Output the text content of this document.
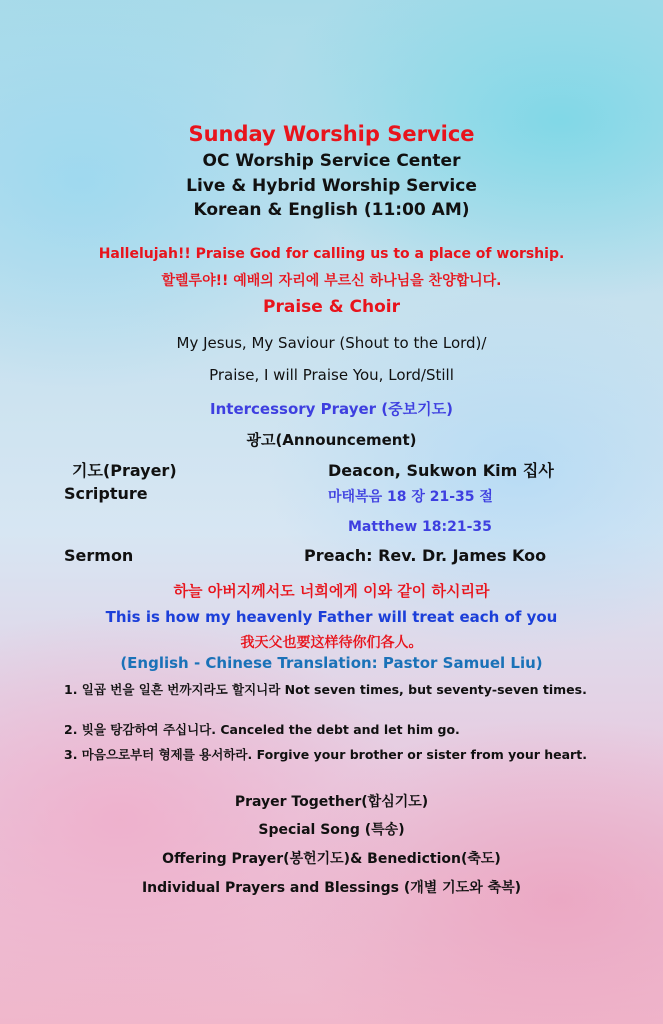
Sunday Worship Service
OC Worship Service Center
Live & Hybrid Worship Service
Korean & English (11:00 AM)
Hallelujah!! Praise God for calling us to a place of worship.
할렐루야!! 예배의 자리에 부르신 하나님을 찬양합니다.
Praise & Choir
My Jesus, My Saviour (Shout to the Lord)/
Praise, I will Praise You, Lord/Still
Intercessory Prayer (중보기도)
광고(Announcement)
기도(Prayer)	Deacon, Sukwon Kim 집사
Scripture	마태복음 18 장 21-35 절
Matthew 18:21-35
Sermon	Preach: Rev. Dr. James Koo
하늘 아버지께서도 너희에게 이와 같이 하시리라
This is how my heavenly Father will treat each of you
我天父也要这样待你们各人。
(English - Chinese Translation: Pastor Samuel Liu)
1. 일곱 번을 일흔 번까지라도 할지니라 Not seven times, but seventy-seven times.
2. 빚을 탕감하여 주십니다. Canceled the debt and let him go.
3. 마음으로부터 형제를 용서하라. Forgive your brother or sister from your heart.
Prayer Together(합심기도)
Special Song (특송)
Offering Prayer(봉헌기도)& Benediction(축도)
Individual Prayers and Blessings (개별 기도와 축복)
